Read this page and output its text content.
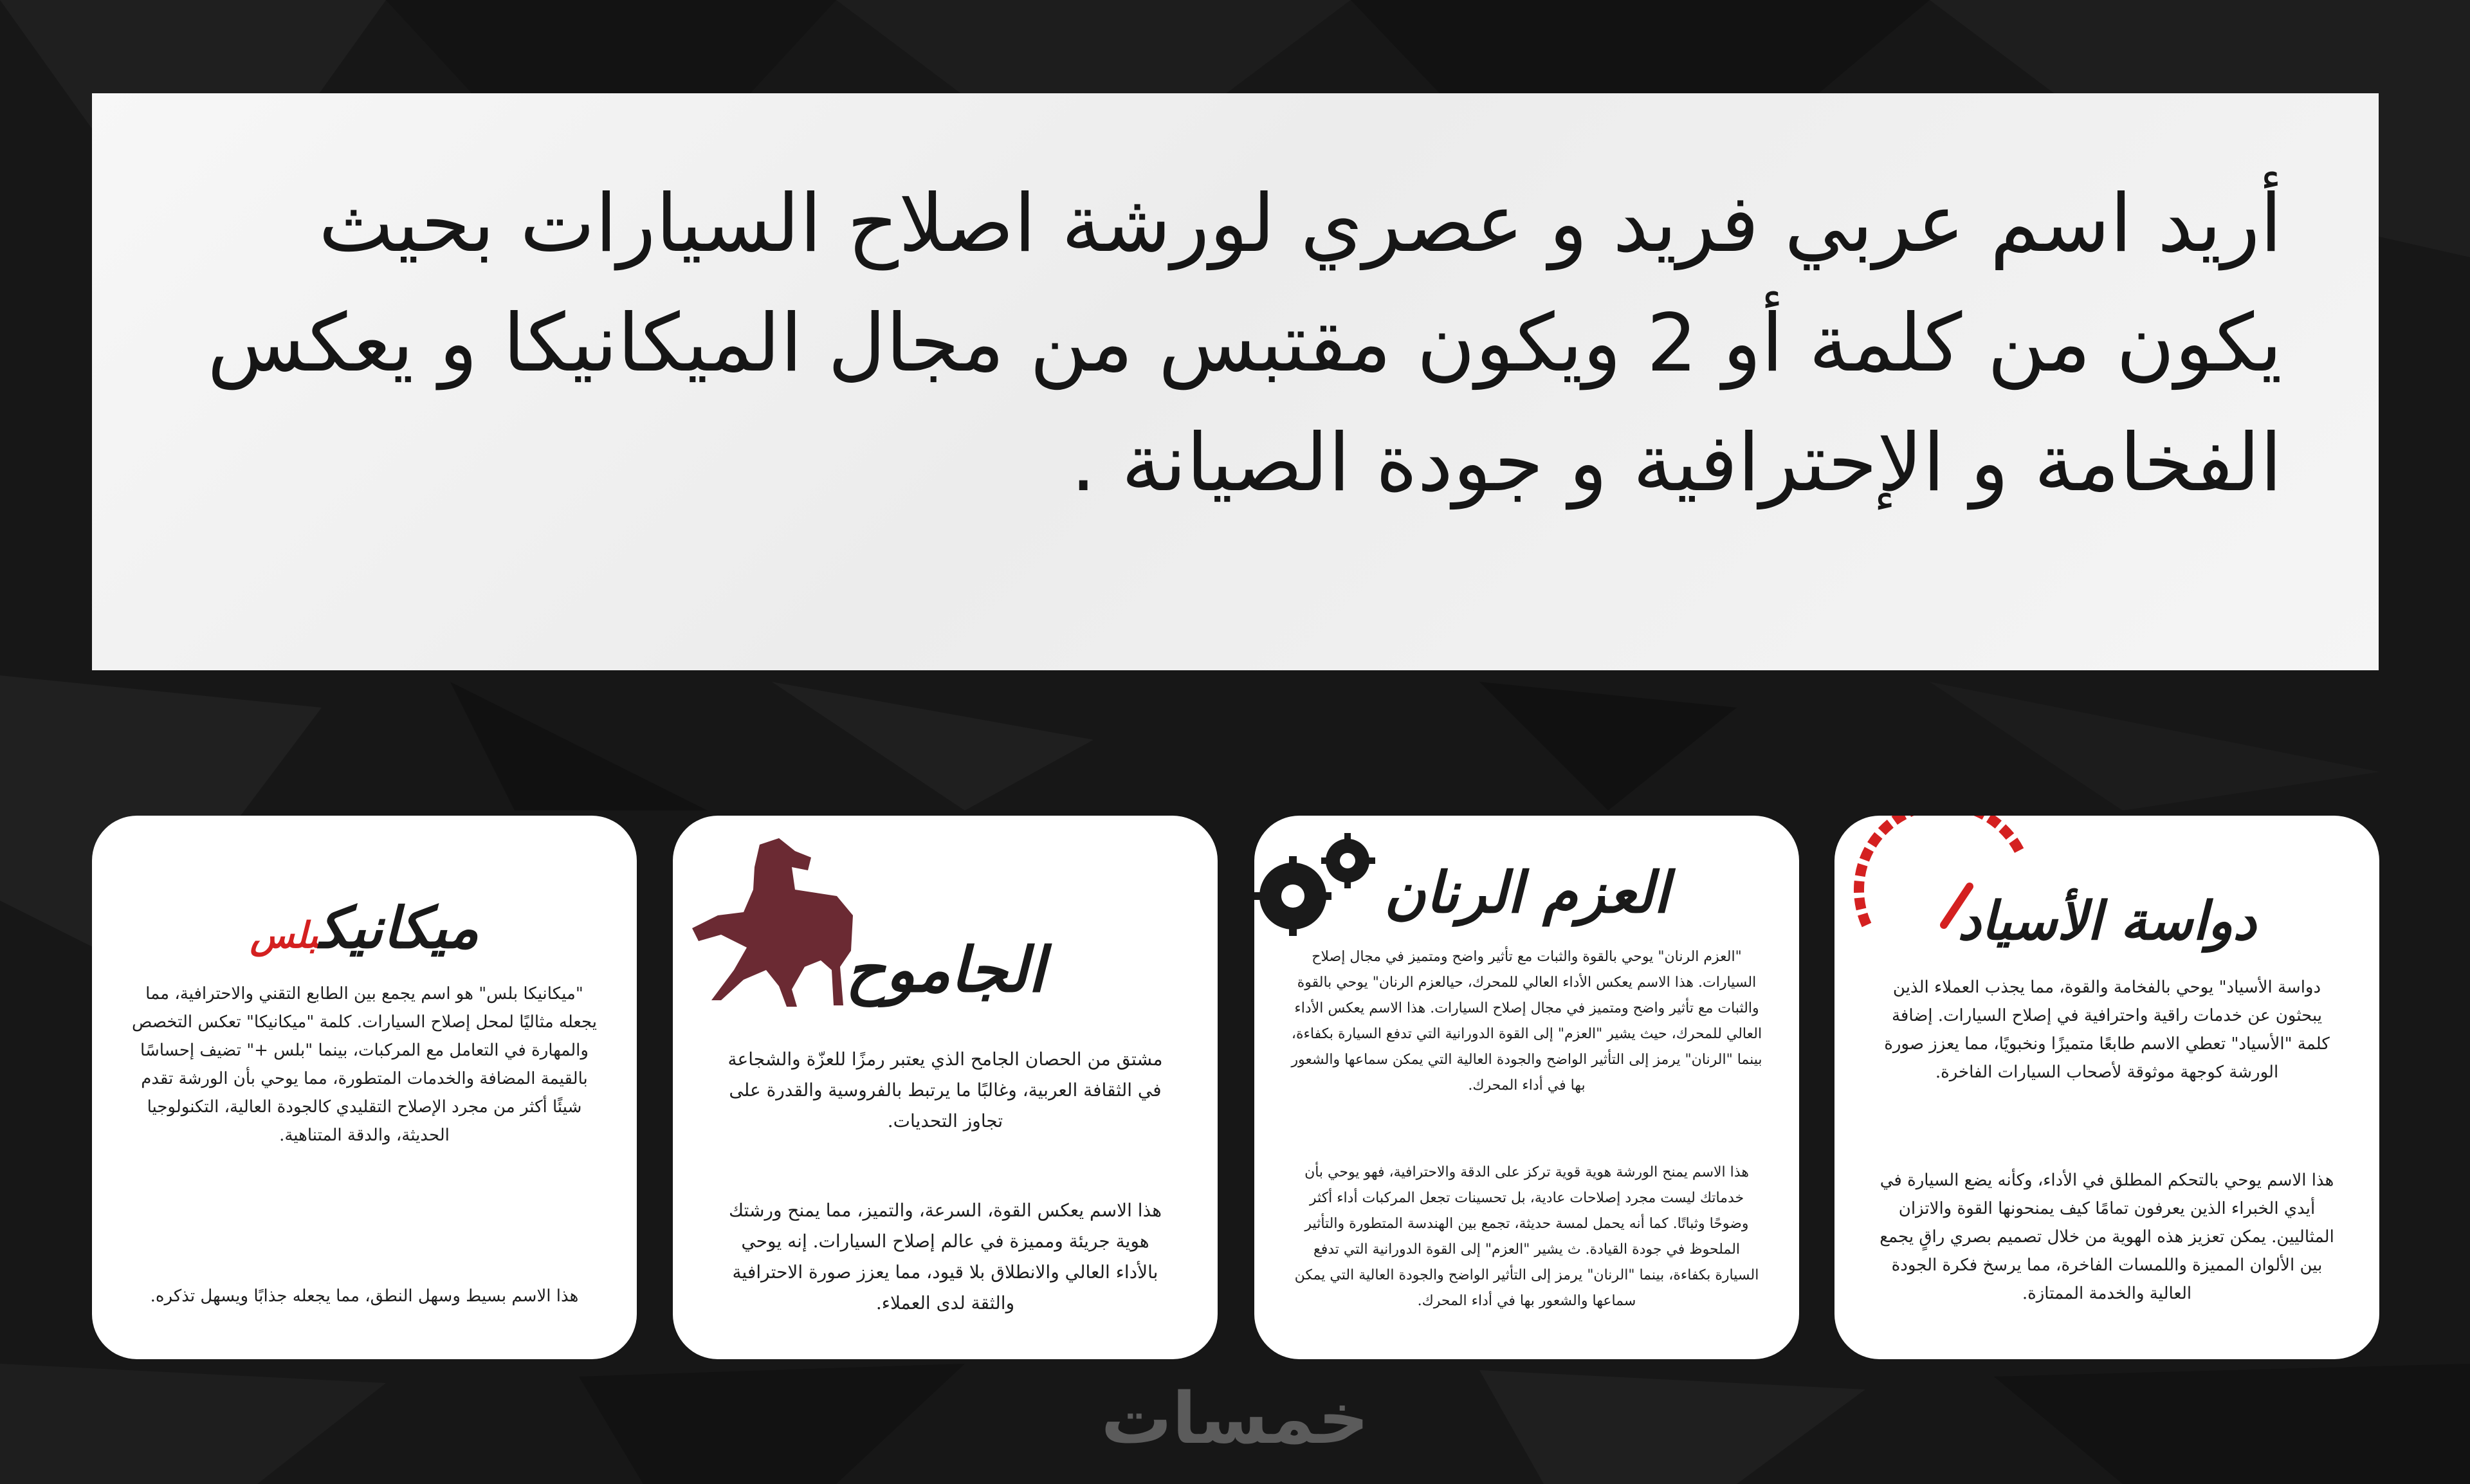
أريد اسم عربي فريد و عصري لورشة اصلاح السيارات بحيث يكون من كلمة أو 2 ويكون مقتبس من مجال الميكانيكا و يعكس الفخامة و الإحترافية و جودة الصيانة .

دواسة الأسياد

دواسة الأسياد" يوحي بالفخامة والقوة، مما يجذب العملاء الذين يبحثون عن خدمات راقية واحترافية في إصلاح السيارات. إضافة كلمة "الأسياد" تعطي الاسم طابعًا متميزًا ونخبويًا، مما يعزز صورة الورشة كوجهة موثوقة لأصحاب السيارات الفاخرة.

هذا الاسم يوحي بالتحكم المطلق في الأداء، وكأنه يضع السيارة في أيدي الخبراء الذين يعرفون تمامًا كيف يمنحونها القوة والاتزان المثاليين. يمكن تعزيز هذه الهوية من خلال تصميم بصري راقٍ يجمع بين الألوان المميزة واللمسات الفاخرة، مما يرسخ فكرة الجودة العالية والخدمة الممتازة.

العزم الرنان

"العزم الرنان" يوحي بالقوة والثبات مع تأثير واضح ومتميز في مجال إصلاح السيارات. هذا الاسم يعكس الأداء العالي للمحرك، حيالعزم الرنان" يوحي بالقوة والثبات مع تأثير واضح ومتميز في مجال إصلاح السيارات. هذا الاسم يعكس الأداء العالي للمحرك، حيث يشير "العزم" إلى القوة الدورانية التي تدفع السيارة بكفاءة، بينما "الرنان" يرمز إلى التأثير الواضح والجودة العالية التي يمكن سماعها والشعور بها في أداء المحرك.

هذا الاسم يمنح الورشة هوية قوية تركز على الدقة والاحترافية، فهو يوحي بأن خدماتك ليست مجرد إصلاحات عادية، بل تحسينات تجعل المركبات أداء أكثر وضوحًا وثباتًا. كما أنه يحمل لمسة حديثة، تجمع بين الهندسة المتطورة والتأثير الملحوظ في جودة القيادة. ث يشير "العزم" إلى القوة الدورانية التي تدفع السيارة بكفاءة، بينما "الرنان" يرمز إلى التأثير الواضح والجودة العالية التي يمكن سماعها والشعور بها في أداء المحرك.

الجاموح

مشتق من الحصان الجامح الذي يعتبر رمزًا للعزّة والشجاعة في الثقافة العربية، وغالبًا ما يرتبط بالفروسية والقدرة على تجاوز التحديات.

هذا الاسم يعكس القوة، السرعة، والتميز، مما يمنح ورشتك هوية جريئة ومميزة في عالم إصلاح السيارات. إنه يوحي بالأداء العالي والانطلاق بلا قيود، مما يعزز صورة الاحترافية والثقة لدى العملاء.

ميكانيكبلس

"ميكانيكا بلس" هو اسم يجمع بين الطابع التقني والاحترافية، مما يجعله مثاليًا لمحل إصلاح السيارات. كلمة "ميكانيكا" تعكس التخصص والمهارة في التعامل مع المركبات، بينما "بلس +" تضيف إحساسًا بالقيمة المضافة والخدمات المتطورة، مما يوحي بأن الورشة تقدم شيئًا أكثر من مجرد الإصلاح التقليدي كالجودة العالية، التكنولوجيا الحديثة، والدقة المتناهية.

هذا الاسم بسيط وسهل النطق، مما يجعله جذابًا ويسهل تذكره.

خمسات
